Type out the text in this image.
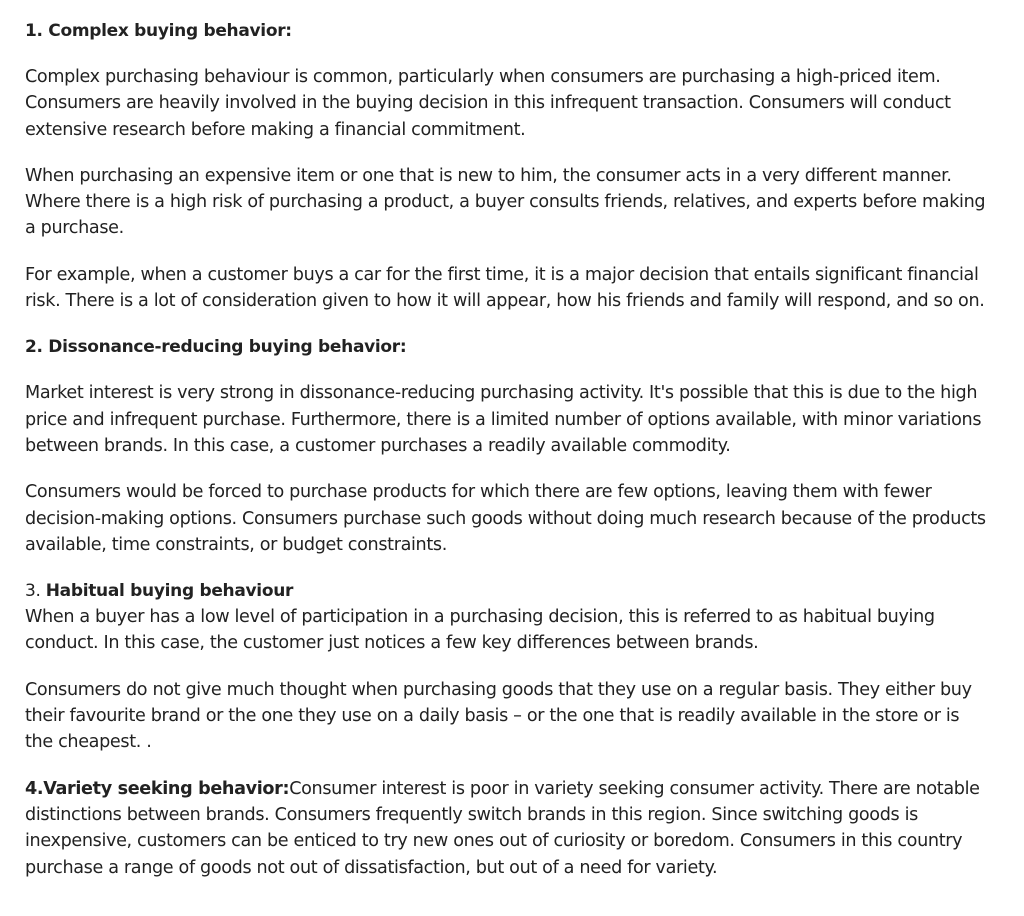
1. Complex buying behavior:

Complex purchasing behaviour is common, particularly when consumers are purchasing a high-priced item. Consumers are heavily involved in the buying decision in this infrequent transaction. Consumers will conduct extensive research before making a financial commitment.

When purchasing an expensive item or one that is new to him, the consumer acts in a very different manner. Where there is a high risk of purchasing a product, a buyer consults friends, relatives, and experts before making a purchase.

For example, when a customer buys a car for the first time, it is a major decision that entails significant financial risk. There is a lot of consideration given to how it will appear, how his friends and family will respond, and so on.

2. Dissonance-reducing buying behavior:

Market interest is very strong in dissonance-reducing purchasing activity. It's possible that this is due to the high price and infrequent purchase. Furthermore, there is a limited number of options available, with minor variations between brands. In this case, a customer purchases a readily available commodity.

Consumers would be forced to purchase products for which there are few options, leaving them with fewer decision-making options. Consumers purchase such goods without doing much research because of the products available, time constraints, or budget constraints.

3. Habitual buying behaviour

When a buyer has a low level of participation in a purchasing decision, this is referred to as habitual buying conduct. In this case, the customer just notices a few key differences between brands.

Consumers do not give much thought when purchasing goods that they use on a regular basis. They either buy their favourite brand or the one they use on a daily basis – or the one that is readily available in the store or is the cheapest. .

4.Variety seeking behavior:Consumer interest is poor in variety seeking consumer activity. There are notable distinctions between brands. Consumers frequently switch brands in this region. Since switching goods is inexpensive, customers can be enticed to try new ones out of curiosity or boredom. Consumers in this country purchase a range of goods not out of dissatisfaction, but out of a need for variety.
